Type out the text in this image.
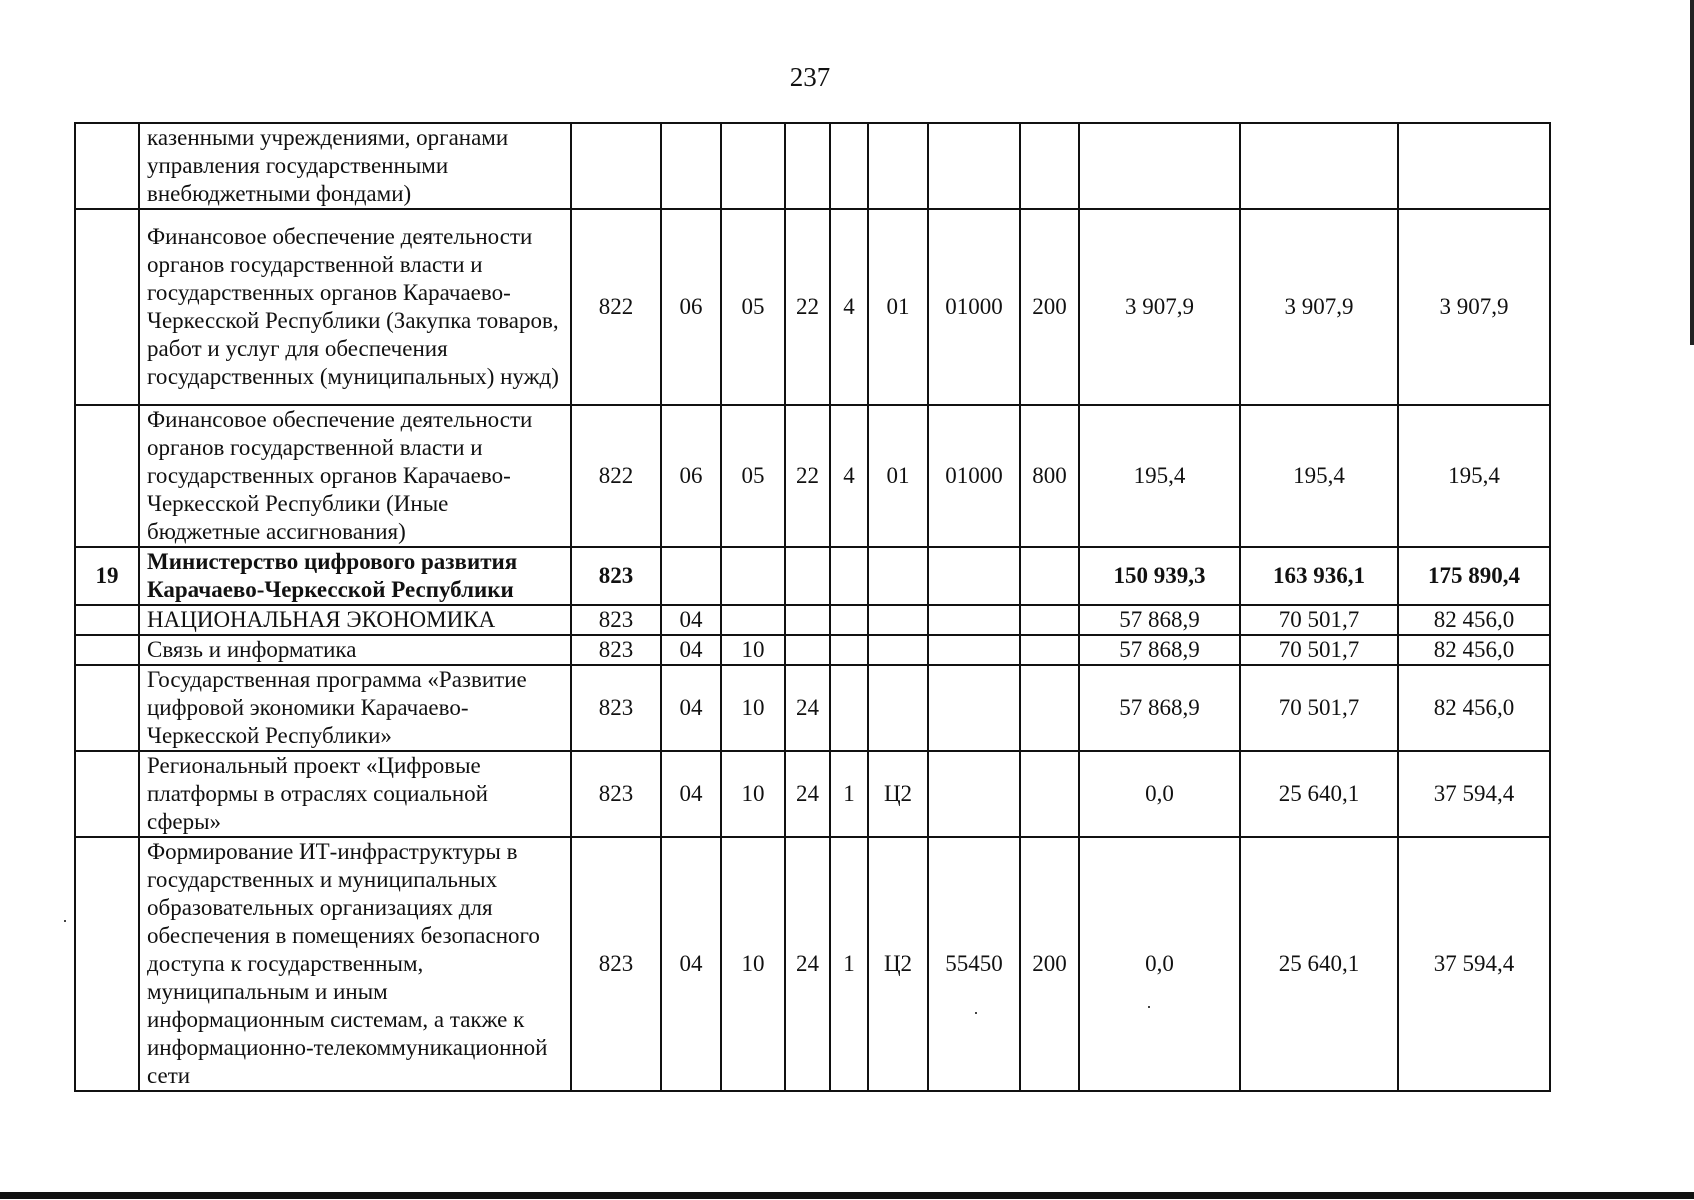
237
	казенными учреждениями, органами управления государственными внебюджетными фондами)											
	Финансовое обеспечение деятельности органов государственной власти и государственных органов Карачаево-Черкесской Республики (Закупка товаров, работ и услуг для обеспечения государственных (муниципальных) нужд)	822	06	05	22	4	01	01000	200	3 907,9	3 907,9	3 907,9
	Финансовое обеспечение деятельности органов государственной власти и государственных органов Карачаево-Черкесской Республики (Иные бюджетные ассигнования)	822	06	05	22	4	01	01000	800	195,4	195,4	195,4
19	Министерство цифрового развития Карачаево-Черкесской Республики	823								150 939,3	163 936,1	175 890,4
	НАЦИОНАЛЬНАЯ ЭКОНОМИКА	823	04							57 868,9	70 501,7	82 456,0
	Связь и информатика	823	04	10						57 868,9	70 501,7	82 456,0
	Государственная программа «Развитие цифровой экономики Карачаево-Черкесской Республики»	823	04	10	24					57 868,9	70 501,7	82 456,0
	Региональный проект «Цифровые платформы в отраслях социальной сферы»	823	04	10	24	1	Ц2			0,0	25 640,1	37 594,4
	Формирование ИТ-инфраструктуры в государственных и муниципальных образовательных организациях для обеспечения в помещениях безопасного доступа к государственным, муниципальным и иным информационным системам, а также к информационно-телекоммуникационной сети	823	04	10	24	1	Ц2	55450	200	0,0	25 640,1	37 594,4
